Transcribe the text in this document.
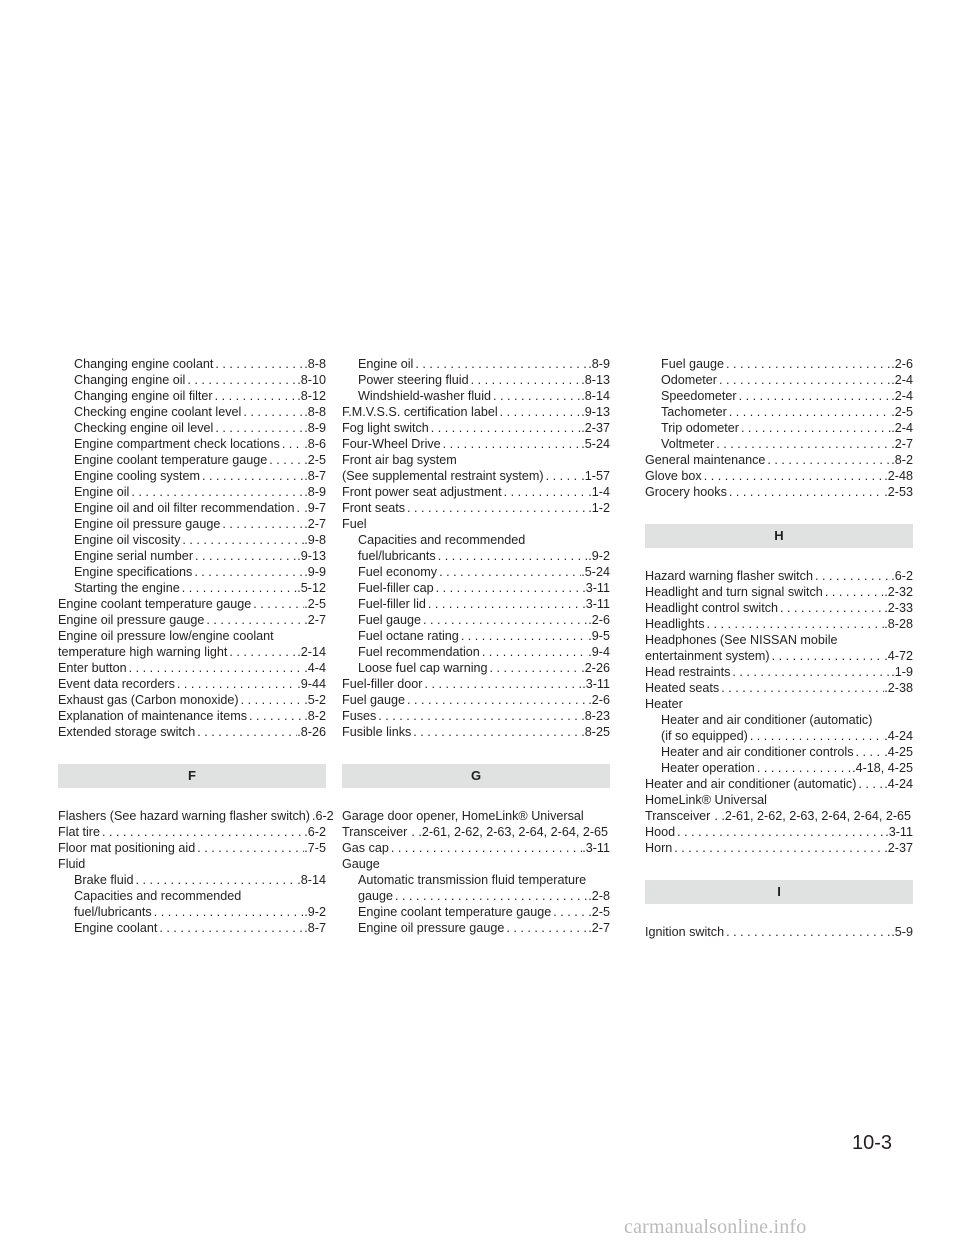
Changing engine coolant . . .	.8-8
Changing engine oil . . .	.8-10
Changing engine oil filter . . .	.8-12
Checking engine coolant level . . .	.8-8
Checking engine oil level . . .	.8-9
Engine compartment check locations . . . .8-6
Engine coolant temperature gauge . . .	.2-5
Engine cooling system . . .	.8-7
Engine oil . . .	.8-9
Engine oil and oil filter recommendation . . . .9-7
Engine oil pressure gauge . . .	.2-7
Engine oil viscosity . . .	.9-8
Engine serial number . . .	.9-13
Engine specifications . . .	.9-9
Starting the engine . . .	.5-12
Engine coolant temperature gauge . . .	.2-5
Engine oil pressure gauge . . .	.2-7
Engine oil pressure low/engine coolant
temperature high warning light . . .	.2-14
Enter button . . .	.4-4
Event data recorders . . .	.9-44
Exhaust gas (Carbon monoxide) . . .	.5-2
Explanation of maintenance items . . .	.8-2
Extended storage switch . . .	.8-26
F
Flashers (See hazard warning flasher switch) .6-2
Flat tire . . .	.6-2
Floor mat positioning aid . . .	.7-5
Fluid
Brake fluid . . .	.8-14
Capacities and recommended
fuel/lubricants . . .	.9-2
Engine coolant . . .	.8-7
Engine oil . . .	.8-9
Power steering fluid . . .	.8-13
Windshield-washer fluid . . .	.8-14
F.M.V.S.S. certification label . . .	.9-13
Fog light switch . . .	.2-37
Four-Wheel Drive . . .	.5-24
Front air bag system
(See supplemental restraint system) . . .	.1-57
Front power seat adjustment . . .	.1-4
Front seats . . .	.1-2
Fuel
Capacities and recommended
fuel/lubricants . . .	.9-2
Fuel economy . . .	.5-24
Fuel-filler cap . . .	.3-11
Fuel-filler lid . . .	.3-11
Fuel gauge . . .	.2-6
Fuel octane rating . . .	.9-5
Fuel recommendation . . .	.9-4
Loose fuel cap warning . . .	.2-26
Fuel-filler door . . .	.3-11
Fuel gauge . . .	.2-6
Fuses . . .	.8-23
Fusible links . . .	.8-25
G
Garage door opener, HomeLink® Universal
Transceiver . .2-61, 2-62, 2-63, 2-64, 2-64, 2-65
Gas cap . . .	.3-11
Gauge
Automatic transmission fluid temperature
gauge . . .	.2-8
Engine coolant temperature gauge . . .	.2-5
Engine oil pressure gauge . . .	.2-7
Fuel gauge . . .	.2-6
Odometer . . .	.2-4
Speedometer . . .	.2-4
Tachometer . . .	.2-5
Trip odometer . . .	.2-4
Voltmeter . . .	.2-7
General maintenance . . .	.8-2
Glove box . . .	.2-48
Grocery hooks . . .	.2-53
H
Hazard warning flasher switch . . .	.6-2
Headlight and turn signal switch . . .	.2-32
Headlight control switch . . .	.2-33
Headlights . . .	.8-28
Headphones (See NISSAN mobile
entertainment system) . . .	.4-72
Head restraints . . .	.1-9
Heated seats . . .	.2-38
Heater
Heater and air conditioner (automatic)
(if so equipped) . . .	.4-24
Heater and air conditioner controls . . . .4-25
Heater operation . . .	.4-18, 4-25
Heater and air conditioner (automatic) . . . .4-24
HomeLink® Universal
Transceiver . .2-61, 2-62, 2-63, 2-64, 2-64, 2-65
Hood . . .	.3-11
Horn . . .	.2-37
I
Ignition switch . . .	.5-9
10-3
carmanualsonline.info
